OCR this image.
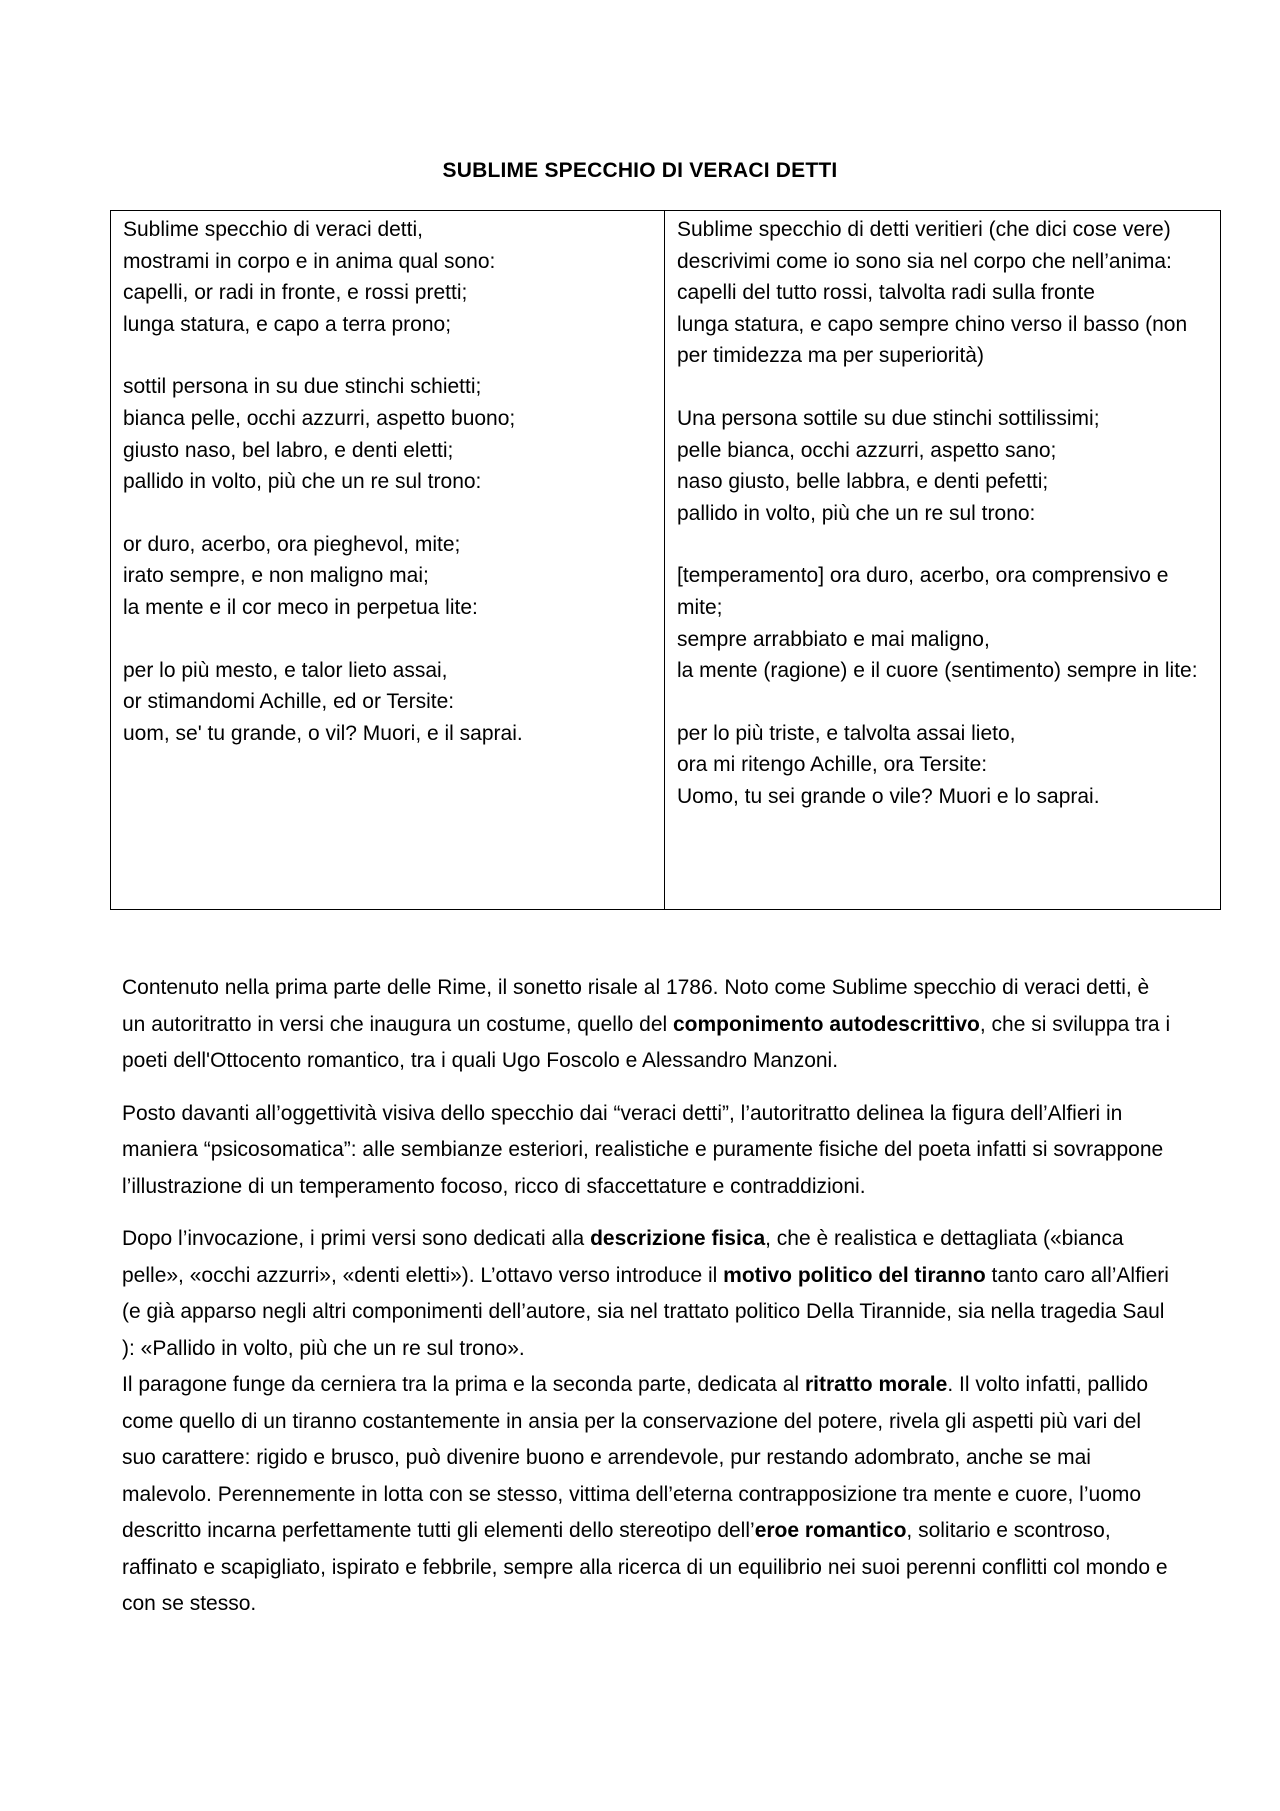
SUBLIME SPECCHIO DI VERACI DETTI
Sublime specchio di veraci detti,
mostrami in corpo e in anima qual sono:
capelli, or radi in fronte, e rossi pretti;
lunga statura, e capo a terra prono;
sottil persona in su due stinchi schietti;
bianca pelle, occhi azzurri, aspetto buono;
giusto naso, bel labro, e denti eletti;
pallido in volto, più che un re sul trono:
or duro, acerbo, ora pieghevol, mite;
irato sempre, e non maligno mai;
la mente e il cor meco in perpetua lite:
per lo più mesto, e talor lieto assai,
or stimandomi Achille, ed or Tersite:
uom, se' tu grande, o vil? Muori, e il saprai.

Sublime specchio di detti veritieri (che dici cose vere)
descrivimi come io sono sia nel corpo che nell’anima:
capelli del tutto rossi, talvolta radi sulla fronte
lunga statura, e capo sempre chino verso il basso (non per timidezza ma per superiorità)
Una persona sottile su due stinchi sottilissimi;
pelle bianca, occhi azzurri, aspetto sano;
naso giusto, belle labbra, e denti pefetti;
pallido in volto, più che un re sul trono:
[temperamento] ora duro, acerbo, ora comprensivo e mite;
sempre arrabbiato e mai maligno,
la mente (ragione) e il cuore (sentimento) sempre in lite:
per lo più triste, e talvolta assai lieto,
ora mi ritengo Achille, ora Tersite:
Uomo, tu sei grande o vile? Muori e lo saprai.

Contenuto nella prima parte delle Rime, il sonetto risale al 1786. Noto come Sublime specchio di veraci detti, è un autoritratto in versi che inaugura un costume, quello del componimento autodescrittivo, che si sviluppa tra i poeti dell'Ottocento romantico, tra i quali Ugo Foscolo e Alessandro Manzoni.

Posto davanti all’oggettività visiva dello specchio dai “veraci detti”, l’autoritratto delinea la figura dell’Alfieri in maniera “psicosomatica”: alle sembianze esteriori, realistiche e puramente fisiche del poeta infatti si sovrappone l’illustrazione di un temperamento focoso, ricco di sfaccettature e contraddizioni.

Dopo l’invocazione, i primi versi sono dedicati alla descrizione fisica, che è realistica e dettagliata («bianca pelle», «occhi azzurri», «denti eletti»). L’ottavo verso introduce il motivo politico del tiranno tanto caro all’Alfieri (e già apparso negli altri componimenti dell’autore, sia nel trattato politico Della Tirannide, sia nella tragedia Saul ): «Pallido in volto, più che un re sul trono».

Il paragone funge da cerniera tra la prima e la seconda parte, dedicata al ritratto morale. Il volto infatti, pallido come quello di un tiranno costantemente in ansia per la conservazione del potere, rivela gli aspetti più vari del suo carattere: rigido e brusco, può divenire buono e arrendevole, pur restando adombrato, anche se mai malevolo. Perennemente in lotta con se stesso, vittima dell’eterna contrapposizione tra mente e cuore, l’uomo descritto incarna perfettamente tutti gli elementi dello stereotipo dell’eroe romantico, solitario e scontroso, raffinato e scapigliato, ispirato e febbrile, sempre alla ricerca di un equilibrio nei suoi perenni conflitti col mondo e con se stesso.
